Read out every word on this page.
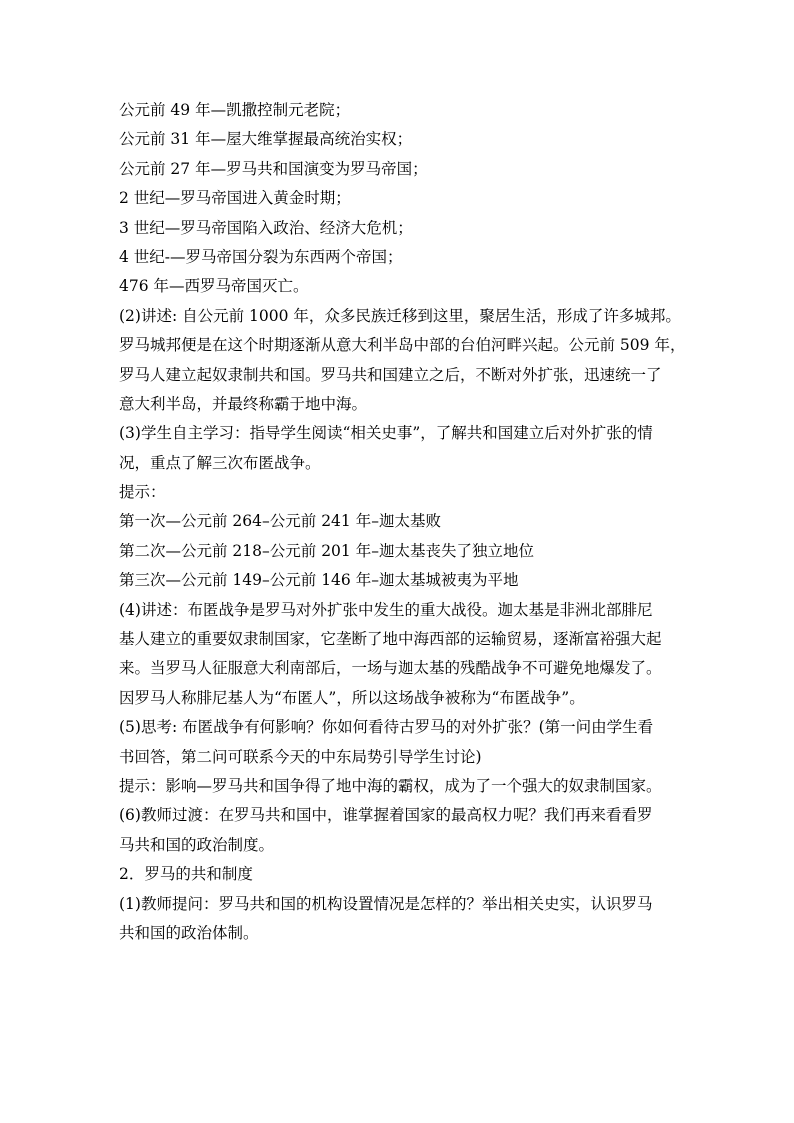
公元前 49 年—凯撒控制元老院；
公元前 31 年—屋大维掌握最高统治实权；
公元前 27 年—罗马共和国演变为罗马帝国；
2 世纪—罗马帝国进入黄金时期；
3 世纪—罗马帝国陷入政治、经济大危机；
4 世纪-—罗马帝国分裂为东西两个帝国；
476 年—西罗马帝国灭亡。
(2)讲述: 自公元前 1000 年，众多民族迁移到这里，聚居生活，形成了许多城邦。
罗马城邦便是在这个时期逐渐从意大利半岛中部的台伯河畔兴起。公元前 509 年，
罗马人建立起奴隶制共和国。罗马共和国建立之后，不断对外扩张，迅速统一了
意大利半岛，并最终称霸于地中海。
(3)学生自主学习：指导学生阅读“相关史事”，了解共和国建立后对外扩张的情
况，重点了解三次布匿战争。
提示：
第一次—公元前 264–公元前 241 年–迦太基败
第二次—公元前 218–公元前 201 年–迦太基丧失了独立地位
第三次—公元前 149–公元前 146 年–迦太基城被夷为平地
(4)讲述：布匿战争是罗马对外扩张中发生的重大战役。迦太基是非洲北部腓尼
基人建立的重要奴隶制国家，它垄断了地中海西部的运输贸易，逐渐富裕强大起
来。当罗马人征服意大利南部后，一场与迦太基的残酷战争不可避免地爆发了。
因罗马人称腓尼基人为“布匿人”，所以这场战争被称为“布匿战争”。
(5)思考: 布匿战争有何影响？你如何看待古罗马的对外扩张？(第一问由学生看
书回答，第二问可联系今天的中东局势引导学生讨论)
提示：影响—罗马共和国争得了地中海的霸权，成为了一个强大的奴隶制国家。
(6)教师过渡：在罗马共和国中，谁掌握着国家的最高权力呢？我们再来看看罗
马共和国的政治制度。
2．罗马的共和制度
(1)教师提问：罗马共和国的机构设置情况是怎样的？举出相关史实，认识罗马
共和国的政治体制。
